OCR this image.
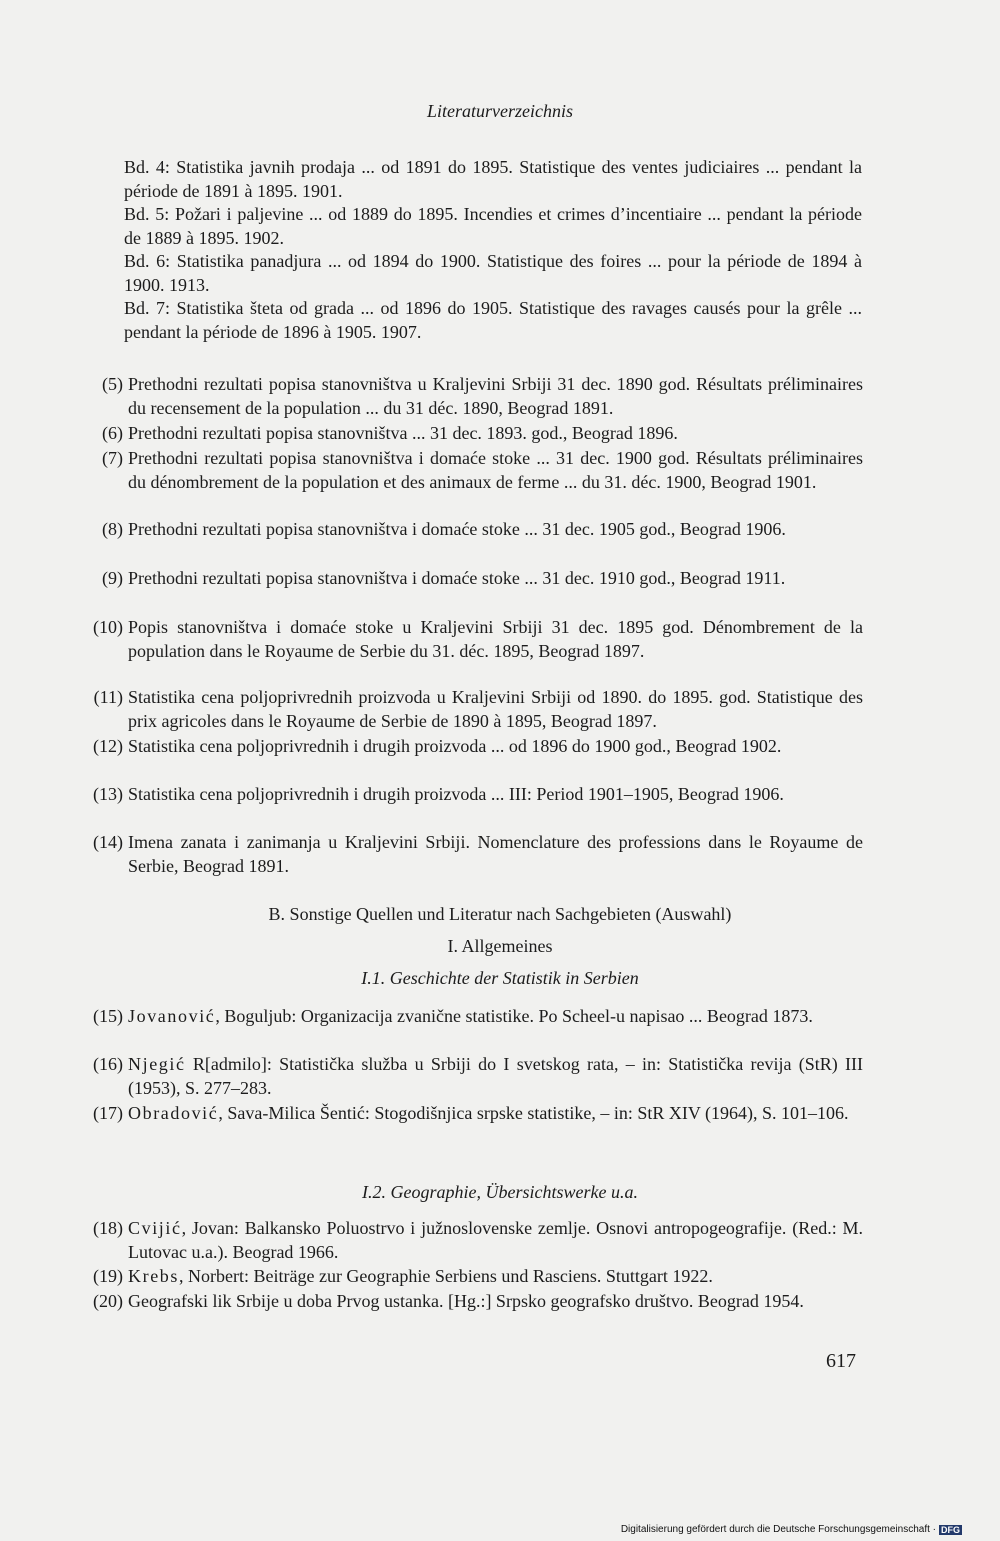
Literaturverzeichnis

Bd. 4: Statistika javnih prodaja ... od 1891 do 1895. Statistique des ventes judiciaires ... pendant la période de 1891 à 1895. 1901.

Bd. 5: Požari i paljevine ... od 1889 do 1895. Incendies et crimes d’incentiaire ... pendant la période de 1889 à 1895. 1902.

Bd. 6: Statistika panadjura ... od 1894 do 1900. Statistique des foires ... pour la période de 1894 à 1900. 1913.

Bd. 7: Statistika šteta od grada ... od 1896 do 1905. Statistique des ravages causés pour la grêle ... pendant la période de 1896 à 1905. 1907.

(5) Prethodni rezultati popisa stanovništva u Kraljevini Srbiji 31 dec. 1890 god. Résultats préliminaires du recensement de la population ... du 31 déc. 1890, Beograd 1891.
(6) Prethodni rezultati popisa stanovništva ... 31 dec. 1893. god., Beograd 1896.
(7) Prethodni rezultati popisa stanovništva i domaće stoke ... 31 dec. 1900 god. Résultats préliminaires du dénombrement de la population et des animaux de ferme ... du 31. déc. 1900, Beograd 1901.
(8) Prethodni rezultati popisa stanovništva i domaće stoke ... 31 dec. 1905 god., Beograd 1906.
(9) Prethodni rezultati popisa stanovništva i domaće stoke ... 31 dec. 1910 god., Beograd 1911.
(10) Popis stanovništva i domaće stoke u Kraljevini Srbiji 31 dec. 1895 god. Dénombrement de la population dans le Royaume de Serbie du 31. déc. 1895, Beograd 1897.
(11) Statistika cena poljoprivrednih proizvoda u Kraljevini Srbiji od 1890. do 1895. god. Statistique des prix agricoles dans le Royaume de Serbie de 1890 à 1895, Beograd 1897.
(12) Statistika cena poljoprivrednih i drugih proizvoda ... od 1896 do 1900 god., Beograd 1902.
(13) Statistika cena poljoprivrednih i drugih proizvoda ... III: Period 1901–1905, Beograd 1906.
(14) Imena zanata i zanimanja u Kraljevini Srbiji. Nomenclature des professions dans le Royaume de Serbie, Beograd 1891.
B. Sonstige Quellen und Literatur nach Sachgebieten (Auswahl)
I. Allgemeines
I.1. Geschichte der Statistik in Serbien
(15) Jovanović, Boguljub: Organizacija zvanične statistike. Po Scheel-u napisao ... Beograd 1873.
(16) Njegić R[admilo]: Statistička služba u Srbiji do I svetskog rata, – in: Statistička revija (StR) III (1953), S. 277–283.
(17) Obradović, Sava-Milica Šentić: Stogodišnjica srpske statistike, – in: StR XIV (1964), S. 101–106.
I.2. Geographie, Übersichtswerke u.a.
(18) Cvijić, Jovan: Balkansko Poluostrvo i južnoslovenske zemlje. Osnovi antropogeografije. (Red.: M. Lutovac u.a.). Beograd 1966.
(19) Krebs, Norbert: Beiträge zur Geographie Serbiens und Rasciens. Stuttgart 1922.
(20) Geografski lik Srbije u doba Prvog ustanka. [Hg.:] Srpsko geografsko društvo. Beograd 1954.
617
Digitalisierung gefördert durch die Deutsche Forschungsgemeinschaft · DFG
